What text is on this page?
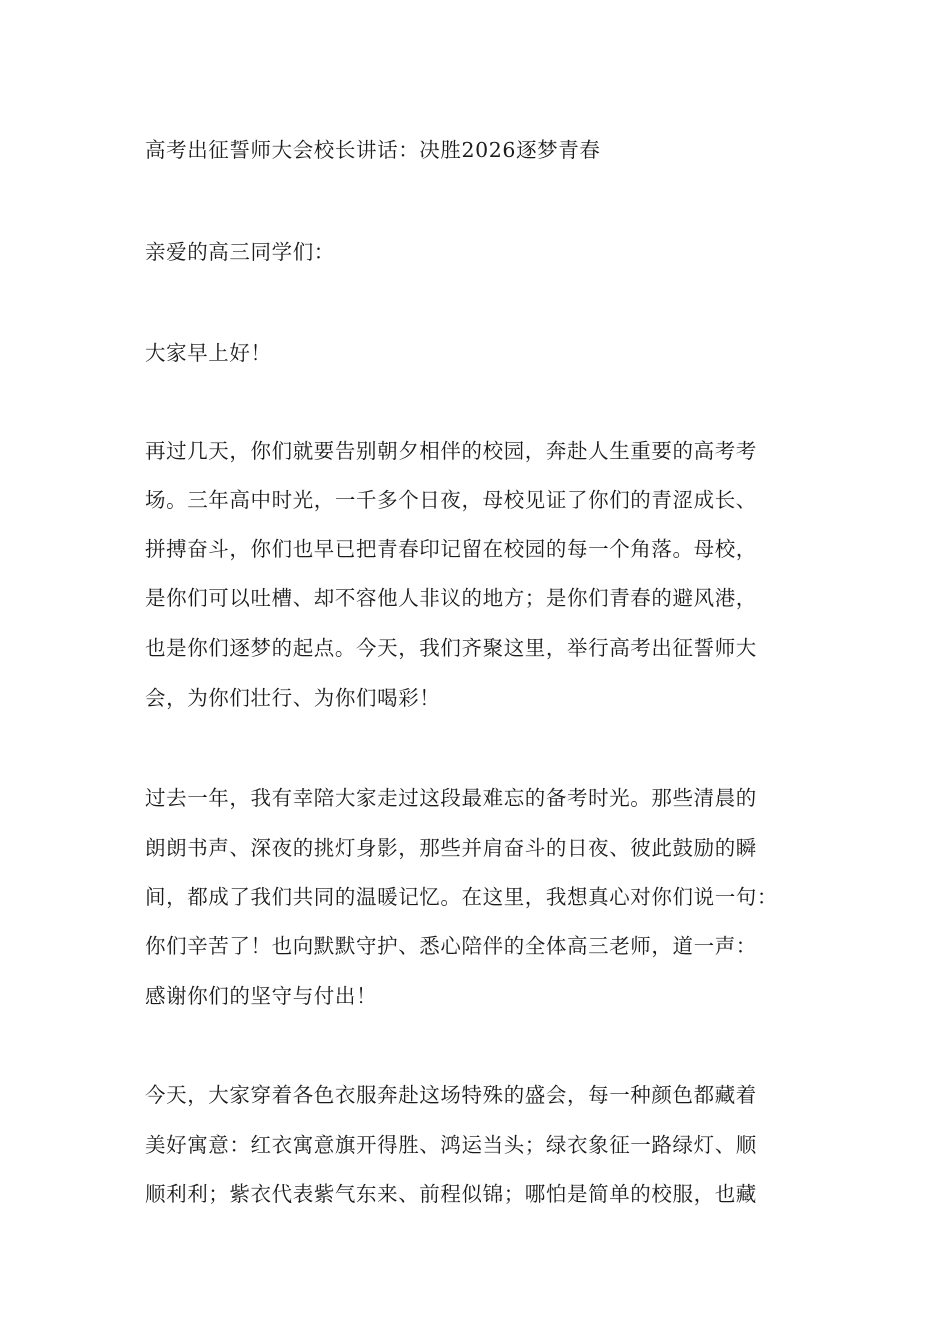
高考出征誓师大会校长讲话：决胜2026逐梦青春
亲爱的高三同学们：
大家早上好！
再过几天，你们就要告别朝夕相伴的校园，奔赴人生重要的高考考
场。三年高中时光，一千多个日夜，母校见证了你们的青涩成长、
拼搏奋斗，你们也早已把青春印记留在校园的每一个角落。母校，
是你们可以吐槽、却不容他人非议的地方；是你们青春的避风港，
也是你们逐梦的起点。今天，我们齐聚这里，举行高考出征誓师大
会，为你们壮行、为你们喝彩！
过去一年，我有幸陪大家走过这段最难忘的备考时光。那些清晨的
朗朗书声、深夜的挑灯身影，那些并肩奋斗的日夜、彼此鼓励的瞬
间，都成了我们共同的温暖记忆。在这里，我想真心对你们说一句：
你们辛苦了！也向默默守护、悉心陪伴的全体高三老师，道一声：
感谢你们的坚守与付出！
今天，大家穿着各色衣服奔赴这场特殊的盛会，每一种颜色都藏着
美好寓意：红衣寓意旗开得胜、鸿运当头；绿衣象征一路绿灯、顺
顺利利；紫衣代表紫气东来、前程似锦；哪怕是简单的校服，也藏
